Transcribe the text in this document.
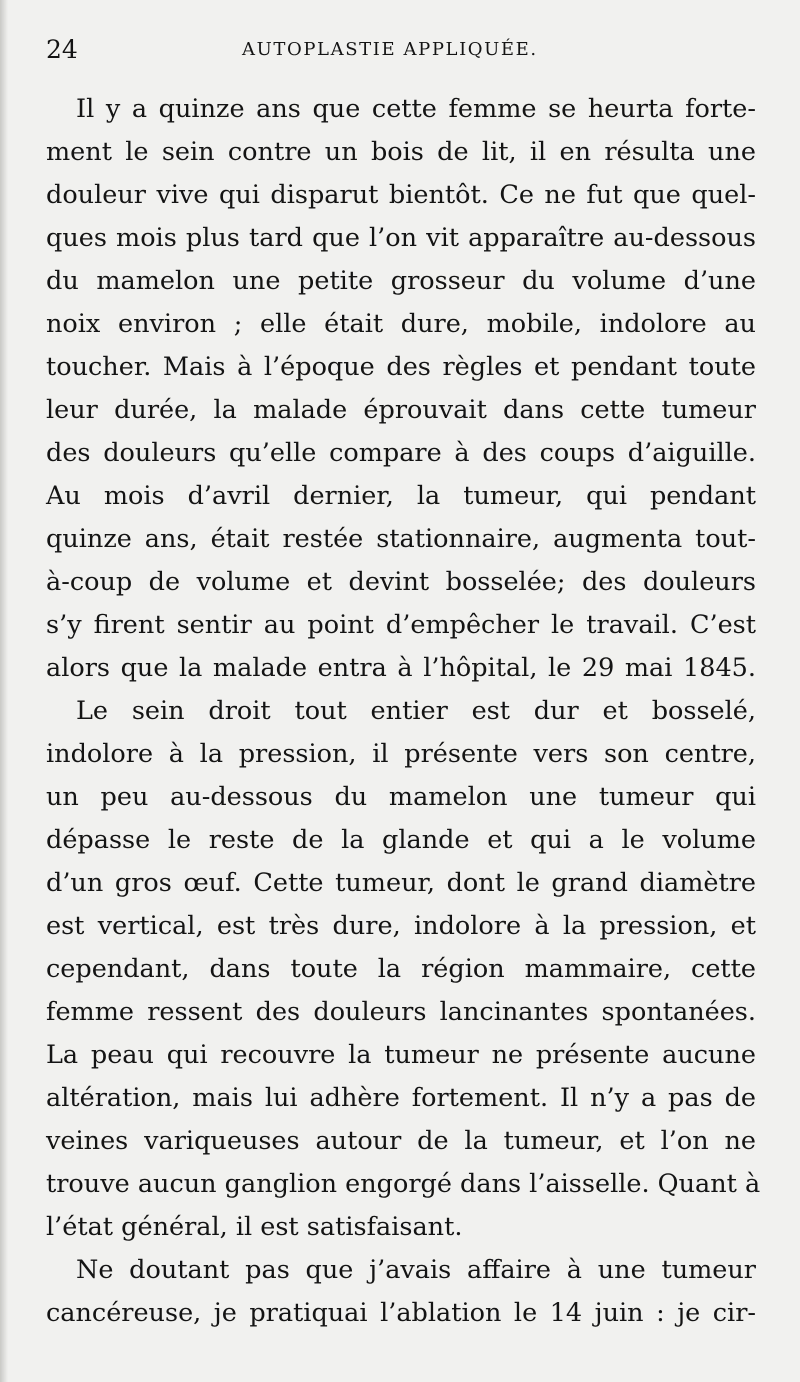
24	AUTOPLASTIE APPLIQUÉE.
Il y a quinze ans que cette femme se heurta forte-
ment le sein contre un bois de lit, il en résulta une
douleur vive qui disparut bientôt. Ce ne fut que quel-
ques mois plus tard que l’on vit apparaître au-dessous
du mamelon une petite grosseur du volume d’une
noix environ ; elle était dure, mobile, indolore au
toucher. Mais à l’époque des règles et pendant toute
leur durée, la malade éprouvait dans cette tumeur
des douleurs qu’elle compare à des coups d’aiguille.
Au mois d’avril dernier, la tumeur, qui pendant
quinze ans, était restée stationnaire, augmenta tout-
à-coup de volume et devint bosselée; des douleurs
s’y firent sentir au point d’empêcher le travail. C’est
alors que la malade entra à l’hôpital, le 29 mai 1845.
Le sein droit tout entier est dur et bosselé,
indolore à la pression, il présente vers son centre,
un peu au-dessous du mamelon une tumeur qui
dépasse le reste de la glande et qui a le volume
d’un gros œuf. Cette tumeur, dont le grand diamètre
est vertical, est très dure, indolore à la pression, et
cependant, dans toute la région mammaire, cette
femme ressent des douleurs lancinantes spontanées.
La peau qui recouvre la tumeur ne présente aucune
altération, mais lui adhère fortement. Il n’y a pas de
veines variqueuses autour de la tumeur, et l’on ne
trouve aucun ganglion engorgé dans l’aisselle. Quant à
l’état général, il est satisfaisant.
Ne doutant pas que j’avais affaire à une tumeur
cancéreuse, je pratiquai l’ablation le 14 juin : je cir-
